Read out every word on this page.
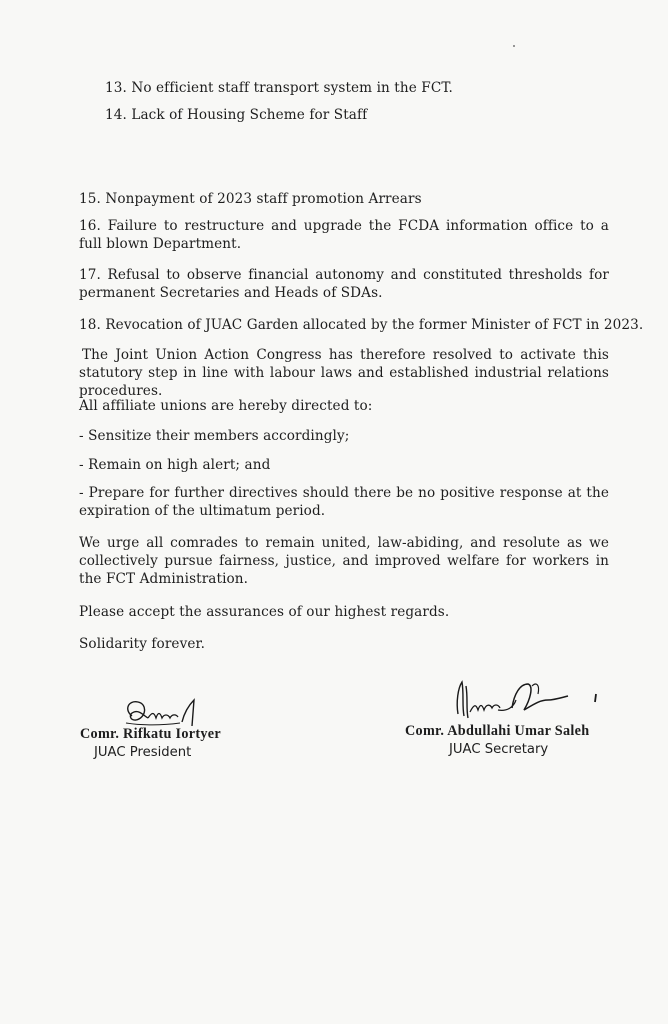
13. No efficient staff transport system in the FCT.
14. Lack of Housing Scheme for Staff
15. Nonpayment of 2023 staff promotion Arrears
16. Failure to restructure and upgrade the FCDA information office to a full blown Department.
17. Refusal to observe financial autonomy and constituted thresholds for permanent Secretaries and Heads of SDAs.
18. Revocation of JUAC Garden allocated by the former Minister of FCT in 2023.
The Joint Union Action Congress has therefore resolved to activate this statutory step in line with labour laws and established industrial relations procedures.
All affiliate unions are hereby directed to:
- Sensitize their members accordingly;
- Remain on high alert; and
- Prepare for further directives should there be no positive response at the expiration of the ultimatum period.
We urge all comrades to remain united, law-abiding, and resolute as we collectively pursue fairness, justice, and improved welfare for workers in the FCT Administration.
Please accept the assurances of our highest regards.
Solidarity forever.
Comr. Rifkatu Iortyer
JUAC President
Comr. Abdullahi Umar Saleh
JUAC Secretary
